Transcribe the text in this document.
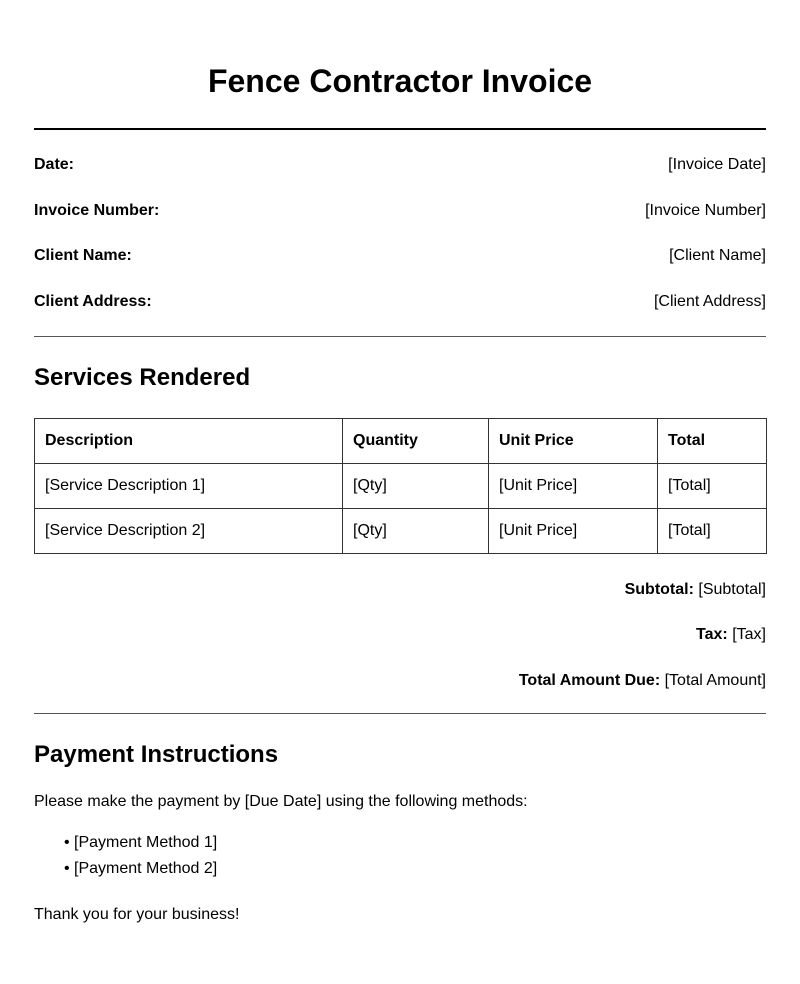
Fence Contractor Invoice
Date:	[Invoice Date]
Invoice Number:	[Invoice Number]
Client Name:	[Client Name]
Client Address:	[Client Address]
Services Rendered
Description	Quantity	Unit Price	Total
[Service Description 1]	[Qty]	[Unit Price]	[Total]
[Service Description 2]	[Qty]	[Unit Price]	[Total]
Subtotal: [Subtotal]
Tax: [Tax]
Total Amount Due: [Total Amount]
Payment Instructions

Please make the payment by [Due Date] using the following methods:

• [Payment Method 1]
• [Payment Method 2]

Thank you for your business!
